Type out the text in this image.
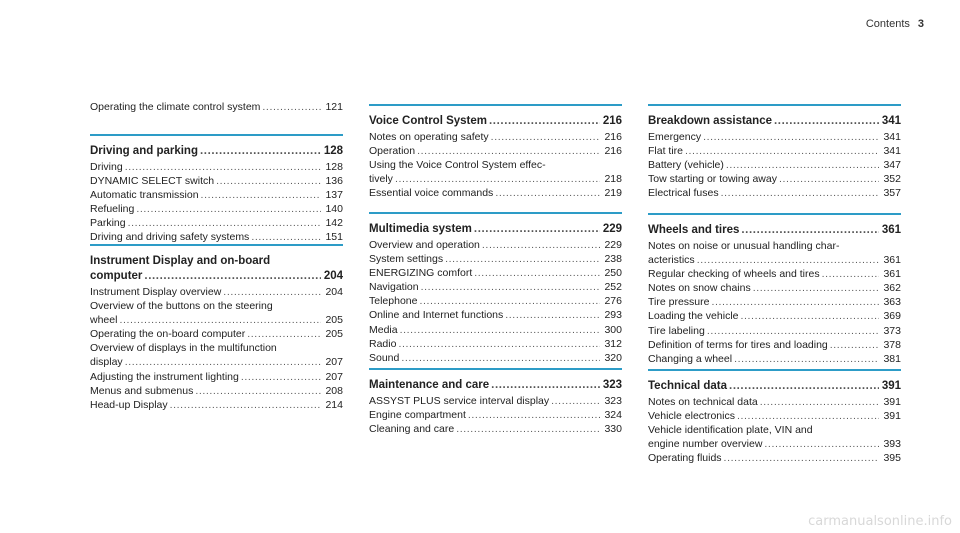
Contents 3
Operating the climate control system .....	121
Driving and parking .....	128
Driving .....	128
DYNAMIC SELECT switch .....	136
Automatic transmission .....	137
Refueling .....	140
Parking .....	142
Driving and driving safety systems .....	151
Instrument Display and on-board
computer .....	204
Instrument Display overview .....	204
Overview of the buttons on the steering
wheel .....	205
Operating the on-board computer .....	205
Overview of displays in the multifunction
display .....	207
Adjusting the instrument lighting .....	207
Menus and submenus .....	208
Head-up Display .....	214
Voice Control System .....	216
Notes on operating safety .....	216
Operation .....	216
Using the Voice Control System effec-
tively .....	218
Essential voice commands .....	219
Multimedia system .....	229
Overview and operation .....	229
System settings .....	238
ENERGIZING comfort .....	250
Navigation .....	252
Telephone .....	276
Online and Internet functions .....	293
Media .....	300
Radio .....	312
Sound .....	320
Maintenance and care .....	323
ASSYST PLUS service interval display .....	323
Engine compartment .....	324
Cleaning and care .....	330
Breakdown assistance .....	341
Emergency .....	341
Flat tire .....	341
Battery (vehicle) .....	347
Tow starting or towing away .....	352
Electrical fuses .....	357
Wheels and tires .....	361
Notes on noise or unusual handling char-
acteristics .....	361
Regular checking of wheels and tires .....	361
Notes on snow chains .....	362
Tire pressure .....	363
Loading the vehicle .....	369
Tire labeling .....	373
Definition of terms for tires and loading .....	378
Changing a wheel .....	381
Technical data .....	391
Notes on technical data .....	391
Vehicle electronics .....	391
Vehicle identification plate, VIN and
engine number overview .....	393
Operating fluids .....	395
carmanualsonline.info
